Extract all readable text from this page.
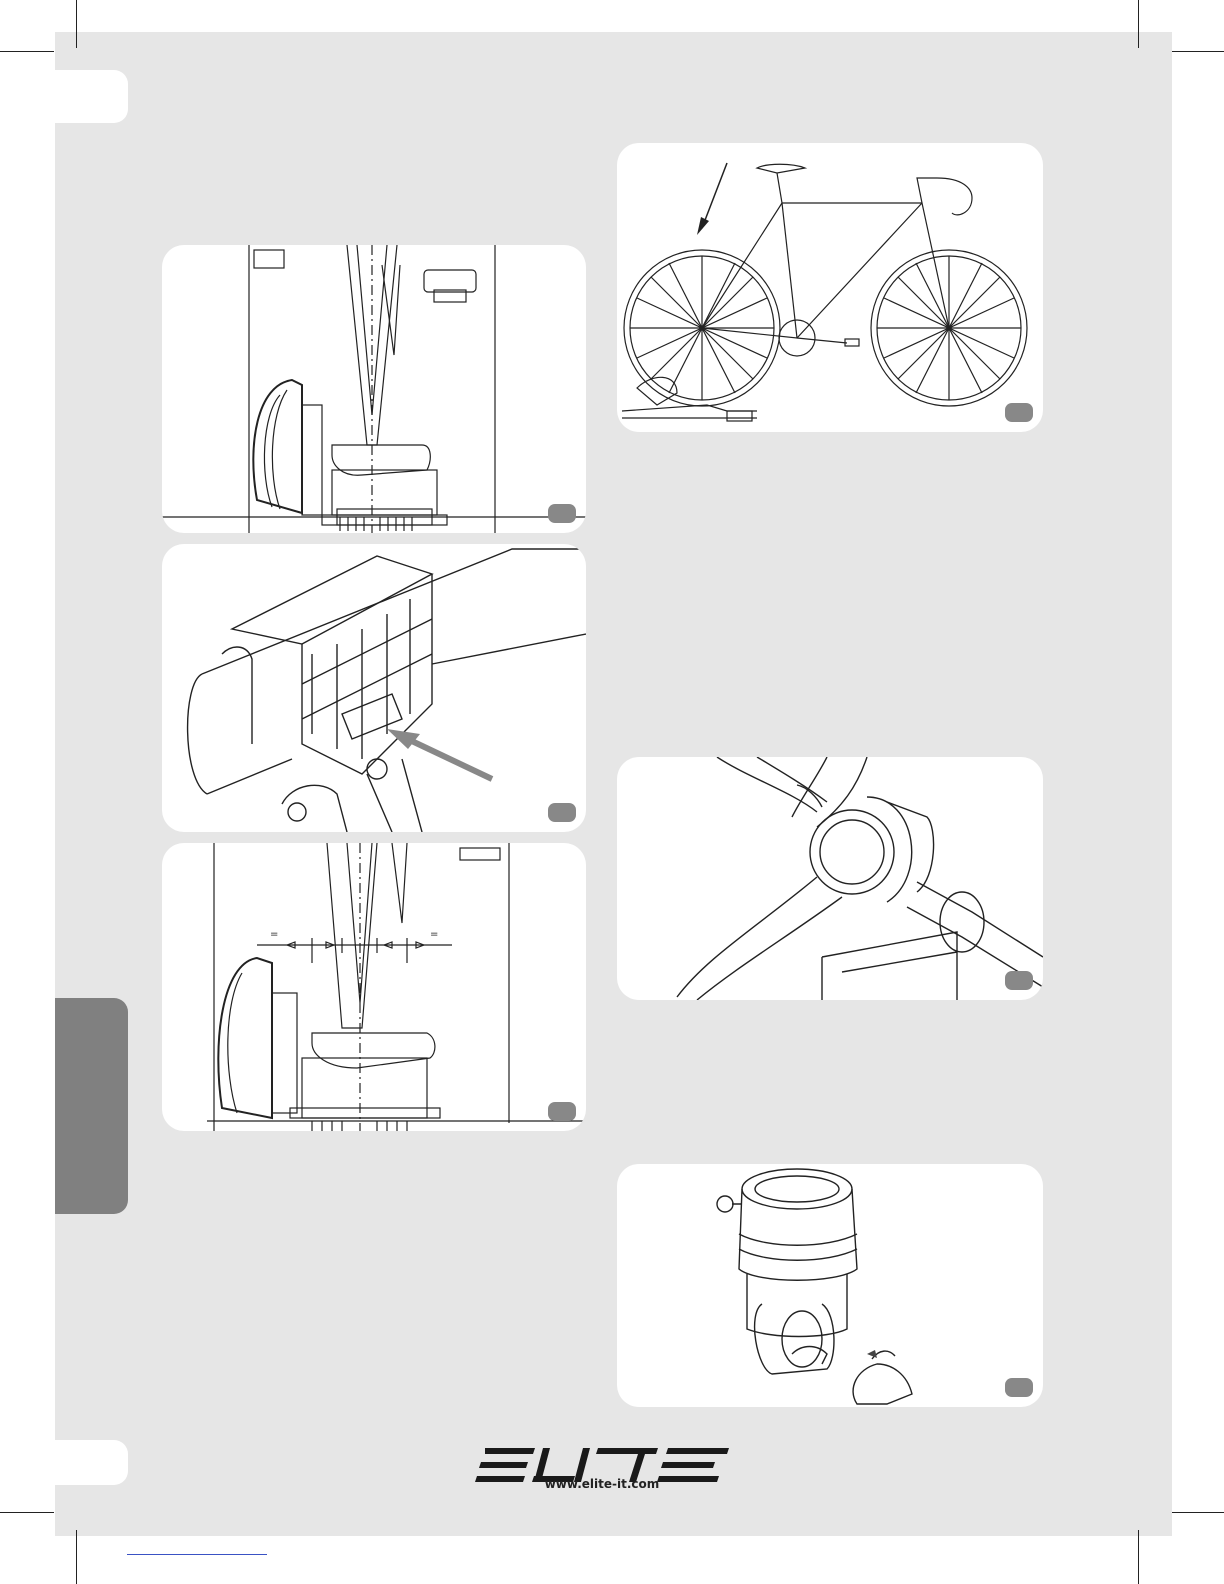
=	=
www.elite-it.com
